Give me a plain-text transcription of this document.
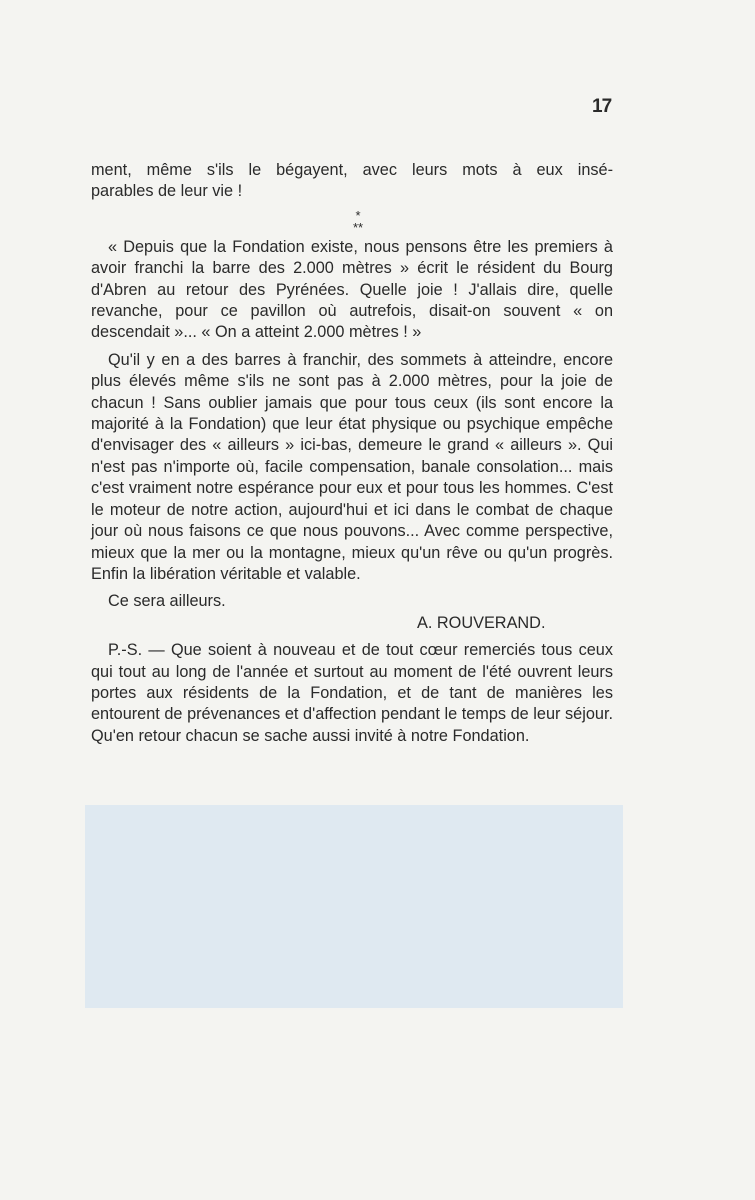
17

ment, même s'ils le bégayent, avec leurs mots à eux insé-

parables de leur vie !

*
**

« Depuis que la Fondation existe, nous pensons être les premiers à avoir franchi la barre des 2.000 mètres » écrit le résident du Bourg d'Abren au retour des Pyrénées. Quelle joie ! J'allais dire, quelle revanche, pour ce pavillon où autrefois, disait-on souvent « on descendait »... « On a atteint 2.000 mètres ! »

Qu'il y en a des barres à franchir, des sommets à atteindre, encore plus élevés même s'ils ne sont pas à 2.000 mètres, pour la joie de chacun ! Sans oublier jamais que pour tous ceux (ils sont encore la majorité à la Fondation) que leur état physique ou psychique empêche d'envisager des « ailleurs » ici-bas, demeure le grand « ailleurs ». Qui n'est pas n'importe où, facile compensation, banale consolation... mais c'est vraiment notre espérance pour eux et pour tous les hommes. C'est le moteur de notre action, aujourd'hui et ici dans le combat de chaque jour où nous faisons ce que nous pouvons... Avec comme perspective, mieux que la mer ou la montagne, mieux qu'un rêve ou qu'un progrès. Enfin la libération véritable et valable.

Ce sera ailleurs.

A. ROUVERAND.

P.-S. — Que soient à nouveau et de tout cœur remerciés tous ceux qui tout au long de l'année et surtout au moment de l'été ouvrent leurs portes aux résidents de la Fondation, et de tant de manières les entourent de prévenances et d'affection pendant le temps de leur séjour. Qu'en retour chacun se sache aussi invité à notre Fondation.
